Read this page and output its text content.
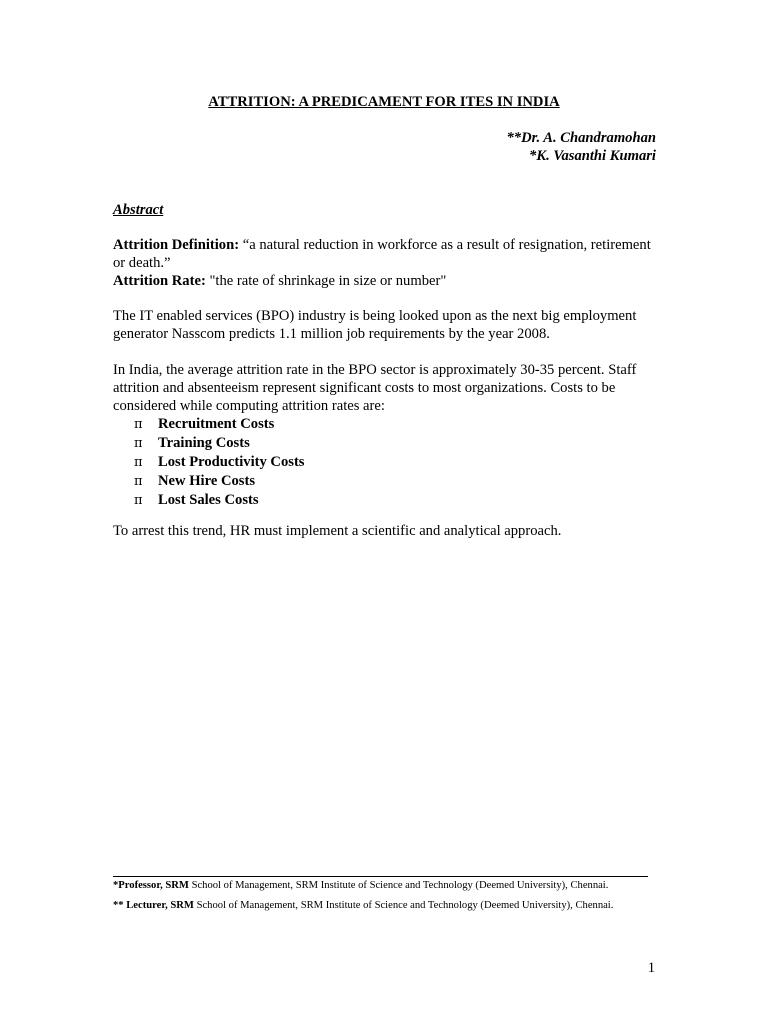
ATTRITION: A PREDICAMENT FOR ITES IN INDIA
**Dr. A. Chandramohan
*K. Vasanthi Kumari
Abstract
Attrition Definition: “a natural reduction in workforce as a result of resignation, retirement or death.”
Attrition Rate: "the rate of shrinkage in size or number"
The IT enabled services (BPO) industry is being looked upon as the next big employment generator Nasscom predicts 1.1 million job requirements by the year 2008.
In India, the average attrition rate in the BPO sector is approximately 30-35 percent. Staff attrition and absenteeism represent significant costs to most organizations. Costs to be considered while computing attrition rates are:
π	Recruitment Costs
π	Training Costs
π	Lost Productivity Costs
π	New Hire Costs
π	Lost Sales Costs
To arrest this trend, HR must implement a scientific and analytical approach.
*Professor, SRM School of Management, SRM Institute of Science and Technology (Deemed University), Chennai.
** Lecturer, SRM School of Management, SRM Institute of Science and Technology (Deemed University), Chennai.
1
